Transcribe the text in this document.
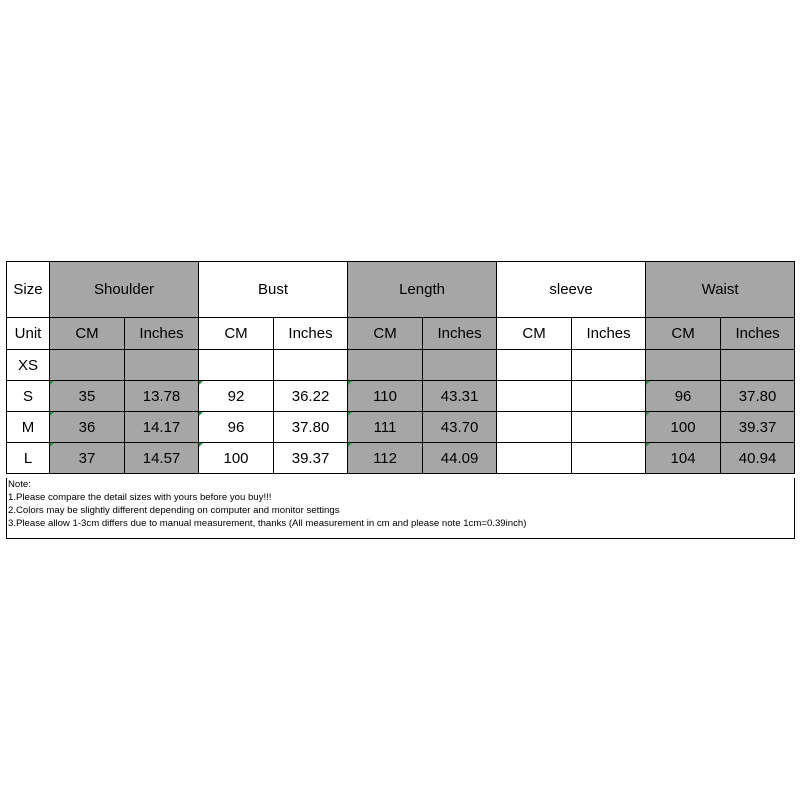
Size	Shoulder		Bust		Length		sleeve		Waist	
Unit	CM	Inches	CM	Inches	CM	Inches	CM	Inches	CM	Inches
XS										
S	35	13.78	92	36.22	110	43.31			96	37.80
M	36	14.17	96	37.80	111	43.70			100	39.37
L	37	14.57	100	39.37	112	44.09			104	40.94
Note:
1.Please compare the detail sizes with yours before you buy!!!
2.Colors may be slightly different depending on computer and monitor settings
3.Please allow 1-3cm differs due to manual measurement, thanks (All measurement in cm and please note 1cm=0.39inch)
